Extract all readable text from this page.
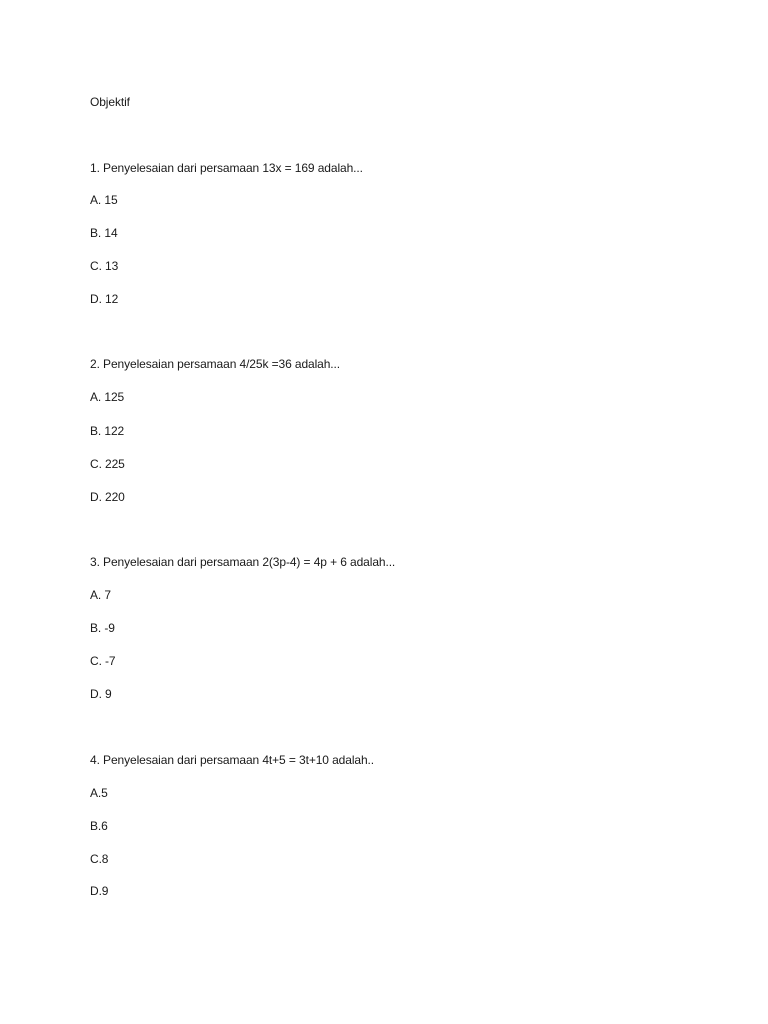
Objektif
1. Penyelesaian dari persamaan 13x = 169 adalah...
A. 15
B. 14
C. 13
D. 12
2. Penyelesaian persamaan 4/25k =36 adalah...
A. 125
B. 122
C. 225
D. 220
3. Penyelesaian dari persamaan 2(3p-4) = 4p + 6 adalah...
A. 7
B. -9
C. -7
D. 9
4. Penyelesaian dari persamaan 4t+5 = 3t+10 adalah..
A.5
B.6
C.8
D.9
